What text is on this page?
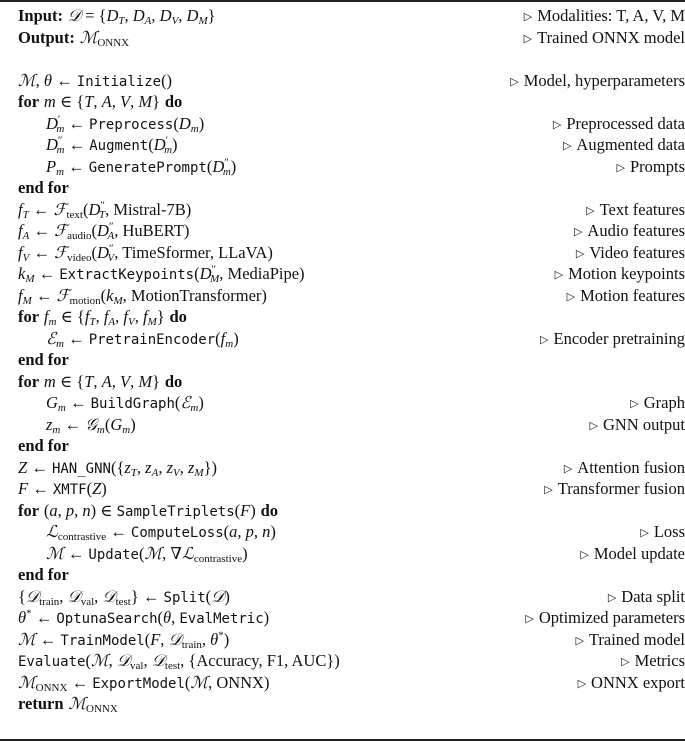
Input: 𝒟 = {$D_T$, $D_A$, $D_V$, $D_M$}	▷ Modalities: T, A, V, M
Output: ℳ$_{ONNX}$	▷ Trained ONNX model
ℳ, θ ← Initialize()	▷ Model, hyperparameters
for m ∈ {T, A, V, M} do
$D'_m$ ← $Preprocess(D_m)$	▷ Preprocessed data
$D''_m$ ← $Augment(D'_m)$	▷ Augmented data
$P_m$ ← $GeneratePrompt(D''_m)$	▷ Prompts
end for
$f_T$ ← $ℱ_{text}(D''_T$, Mistral-7B)	▷ Text features
$f_A$ ← $ℱ_{audio}(D''_A$, HuBERT)	▷ Audio features
$f_V$ ← $ℱ_{video}(D''_V$, TimeSformer, LLaVA)	▷ Video features
$k_M$ ← $ExtractKeypoints(D''_M$, MediaPipe)	▷ Motion keypoints
$f_M$ ← $ℱ_{motion}(k_M$, MotionTransformer)	▷ Motion features
for $f_m$ ∈ {$f_T$, $f_A$, $f_V$, $f_M$} do
ℰ$_m$ ← $PretrainEncoder(f_m)$	▷ Encoder pretraining
end for
for m ∈ {T, A, V, M} do
$G_m$ ← BuildGraph(ℰ$_m$)	▷ Graph
$z_m$ ← $𝒢_m(G_m)$	▷ GNN output
end for
Z ← $HAN\_GNN(\{z_T$, $z_A$, $z_V$, $z_M$})	▷ Attention fusion
F ← XMTF(Z)	▷ Transformer fusion
for (a, p, n) ∈ SampleTriplets(F) do
ℒ$_{contrastive}$ ← ComputeLoss(a, p, n)	▷ Loss
ℳ ← Update(ℳ, ∇ℒ$_{contrastive}$)	▷ Model update
end for
{𝒟$_{train}$, 𝒟$_{val}$, 𝒟$_{test}$} ← Split(𝒟)	▷ Data split
θ* ← OptunaSearch(θ, EvalMetric)	▷ Optimized parameters
ℳ ← TrainModel(F, 𝒟$_{train}$, θ*)	▷ Trained model
Evaluate(ℳ, 𝒟$_{val}$, 𝒟$_{test}$, {Accuracy, F1, AUC})	▷ Metrics
ℳ$_{ONNX}$ ← ExportModel(ℳ, ONNX)	▷ ONNX export
return ℳ$_{ONNX}$
